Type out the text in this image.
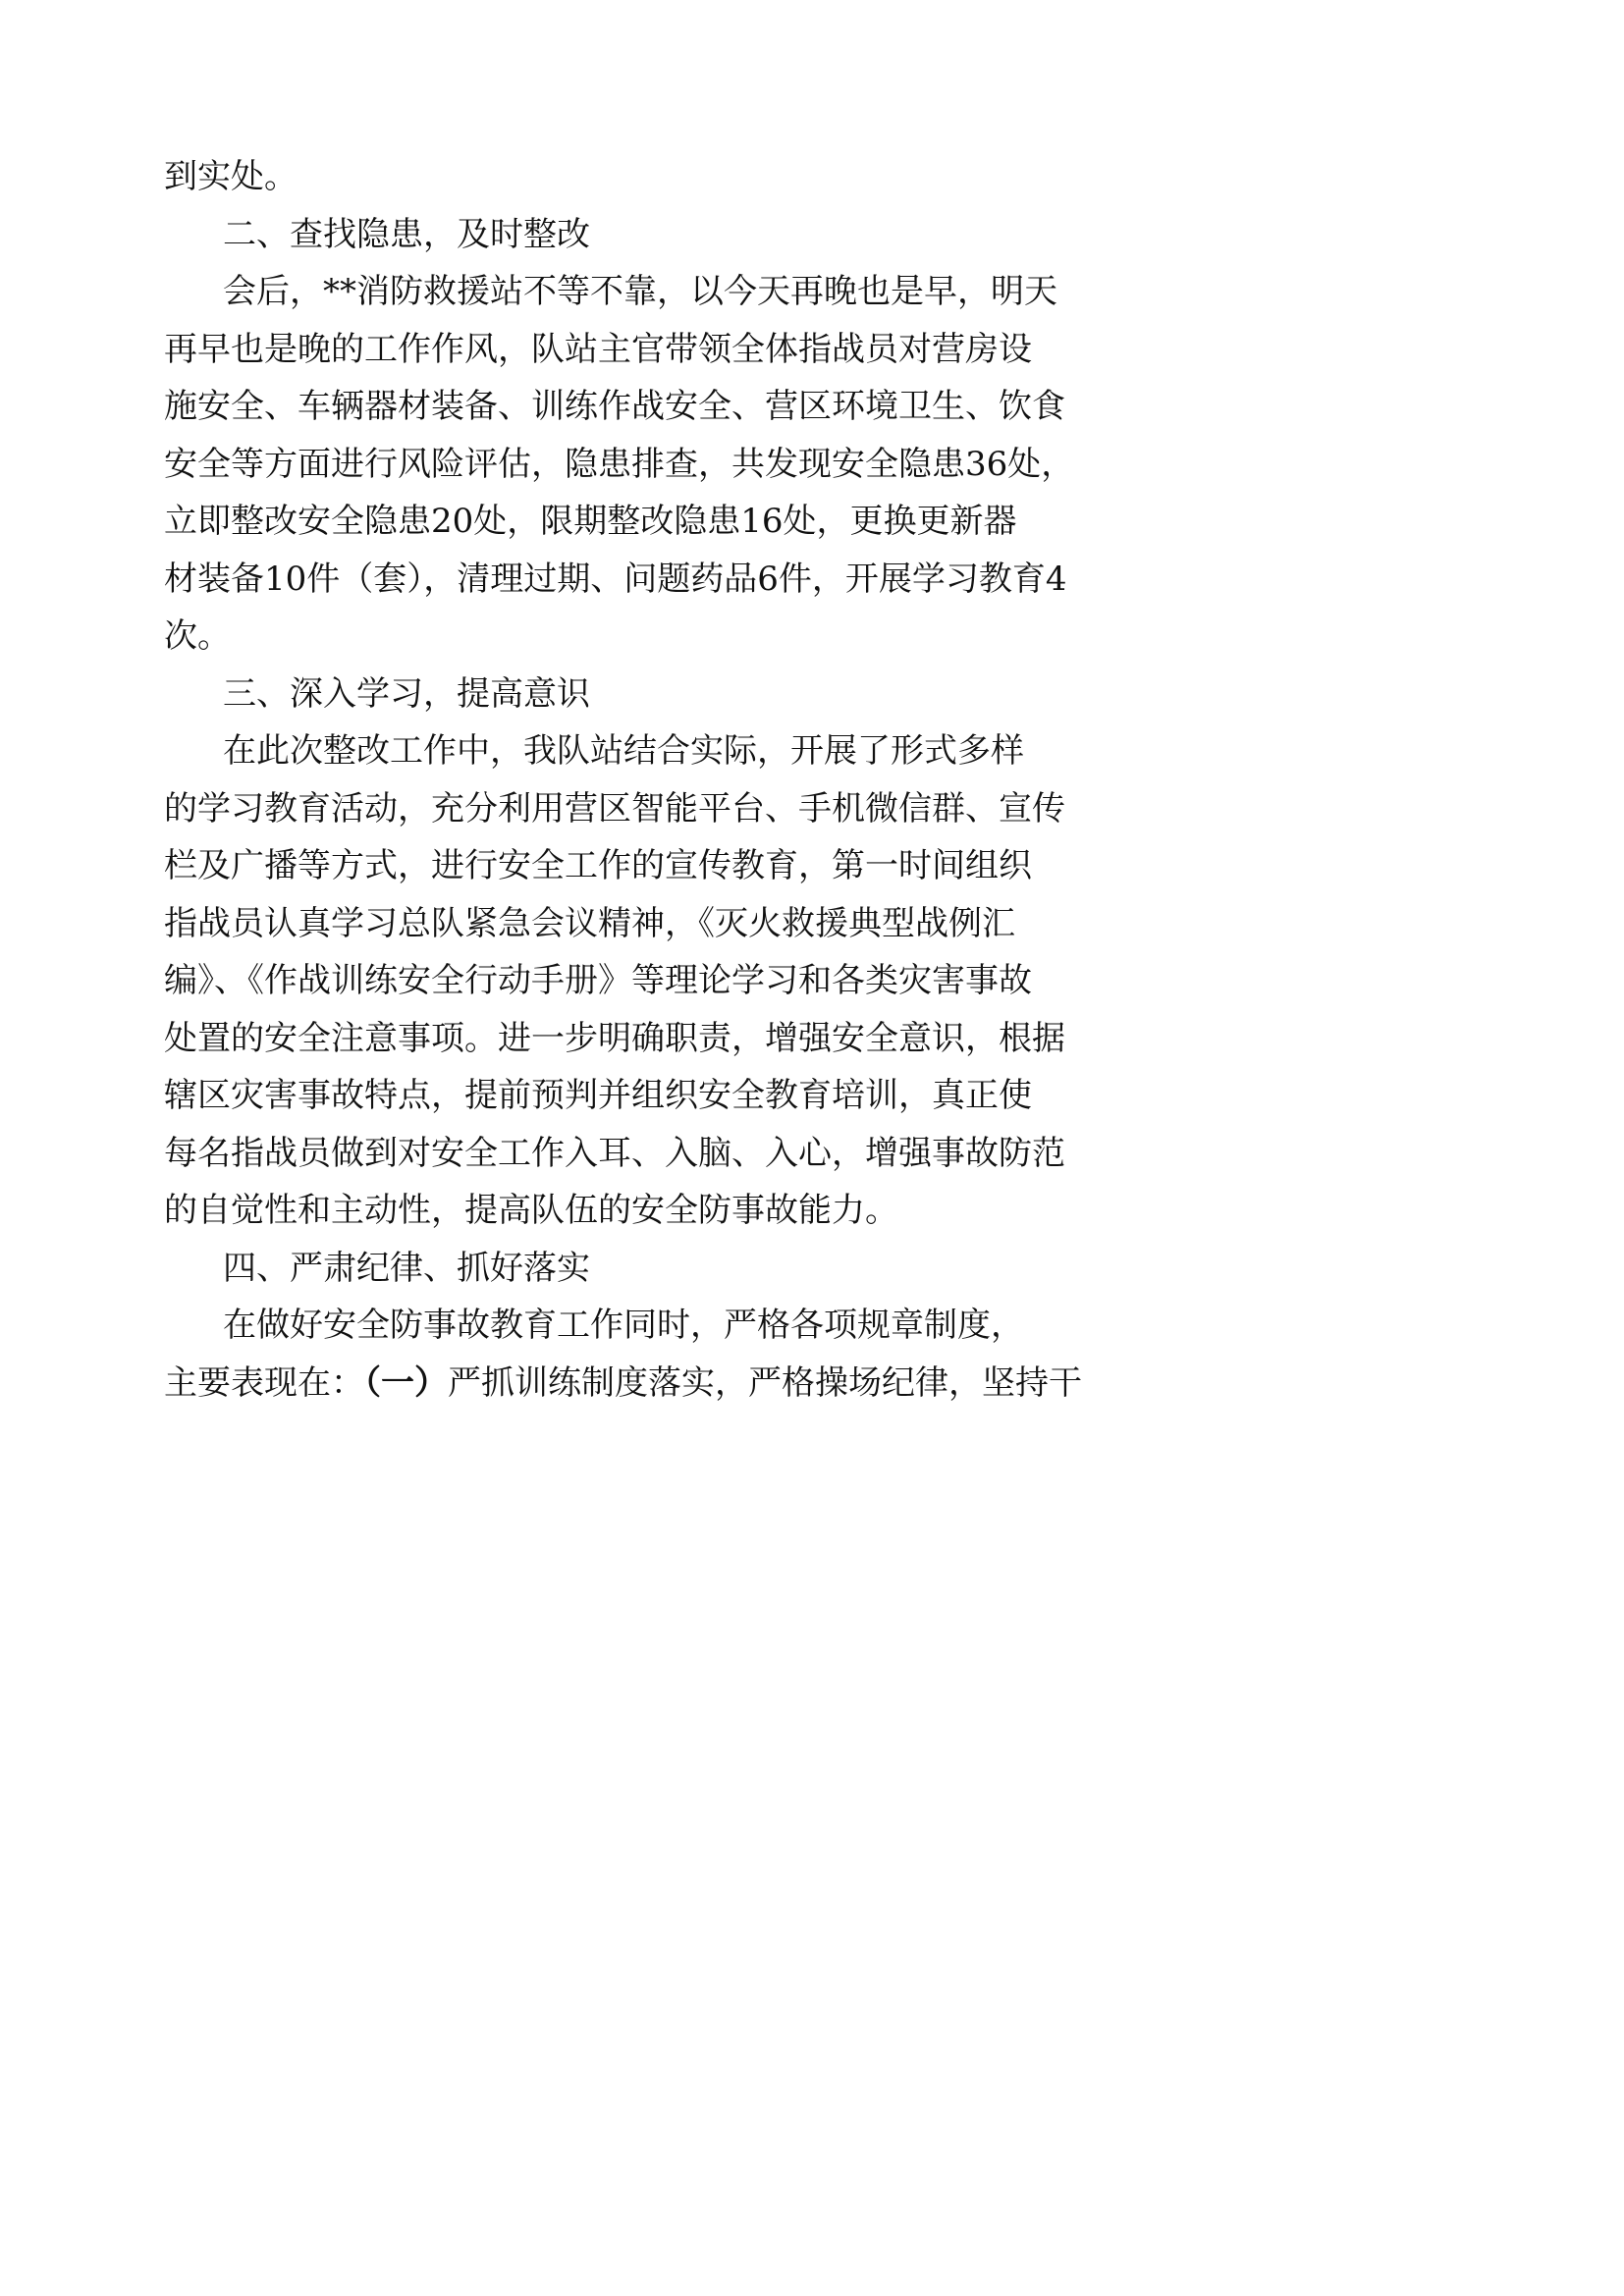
到实处。
二、查找隐患，及时整改
会后，**消防救援站不等不靠，以今天再晚也是早，明天
再早也是晚的工作作风，队站主官带领全体指战员对营房设
施安全、车辆器材装备、训练作战安全、营区环境卫生、饮食
安全等方面进行风险评估，隐患排查，共发现安全隐患36处，
立即整改安全隐患20处，限期整改隐患16处，更换更新器
材装备10件（套），清理过期、问题药品6件，开展学习教育4
次。
三、深入学习，提高意识
在此次整改工作中，我队站结合实际，开展了形式多样
的学习教育活动，充分利用营区智能平台、手机微信群、宣传
栏及广播等方式，进行安全工作的宣传教育，第一时间组织
指战员认真学习总队紧急会议精神，《灭火救援典型战例汇
编》、《作战训练安全行动手册》等理论学习和各类灾害事故
处置的安全注意事项。进一步明确职责，增强安全意识，根据
辖区灾害事故特点，提前预判并组织安全教育培训，真正使
每名指战员做到对安全工作入耳、入脑、入心，增强事故防范
的自觉性和主动性，提高队伍的安全防事故能力。
四、严肃纪律、抓好落实
在做好安全防事故教育工作同时，严格各项规章制度，
主要表现在：（一）严抓训练制度落实，严格操场纪律，坚持干
